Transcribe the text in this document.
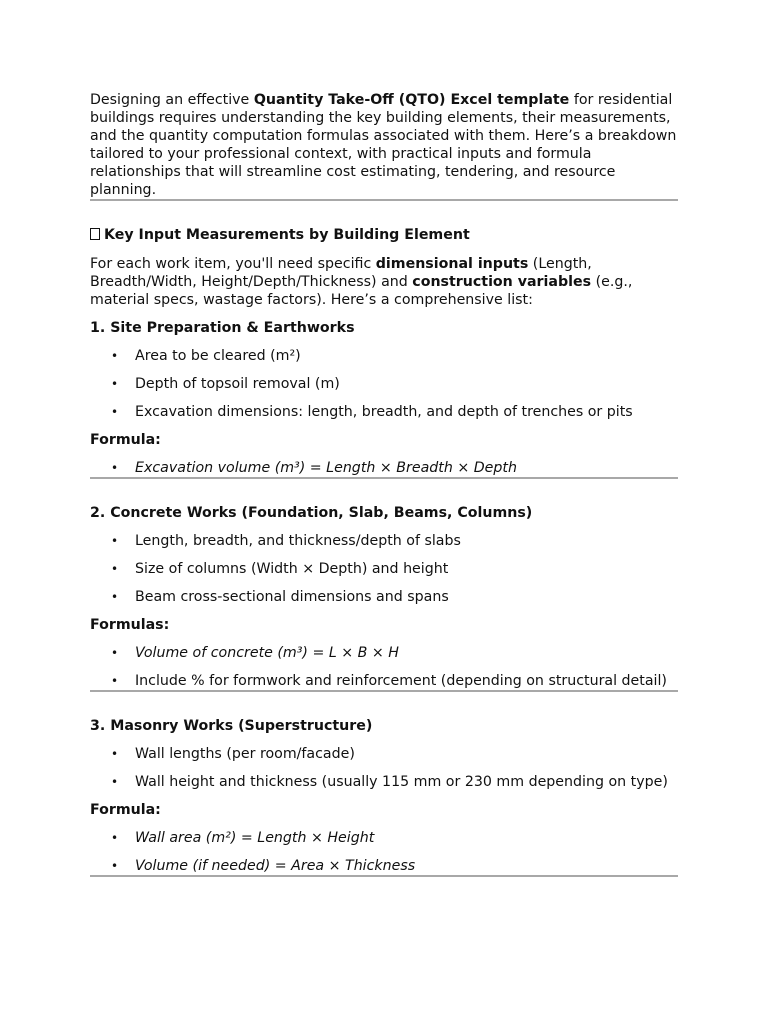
Designing an effective Quantity Take-Off (QTO) Excel template for residential buildings requires understanding the key building elements, their measurements, and the quantity computation formulas associated with them. Here’s a breakdown tailored to your professional context, with practical inputs and formula relationships that will streamline cost estimating, tendering, and resource planning.

Key Input Measurements by Building Element

For each work item, you'll need specific dimensional inputs (Length, Breadth/Width, Height/Depth/Thickness) and construction variables (e.g., material specs, wastage factors). Here’s a comprehensive list:

1. Site Preparation & Earthworks
• Area to be cleared (m²)
• Depth of topsoil removal (m)
• Excavation dimensions: length, breadth, and depth of trenches or pits

Formula:

• Excavation volume (m³) = Length × Breadth × Depth
2. Concrete Works (Foundation, Slab, Beams, Columns)
• Length, breadth, and thickness/depth of slabs
• Size of columns (Width × Depth) and height
• Beam cross-sectional dimensions and spans

Formulas:

• Volume of concrete (m³) = L × B × H
• Include % for formwork and reinforcement (depending on structural detail)
3. Masonry Works (Superstructure)
• Wall lengths (per room/facade)
• Wall height and thickness (usually 115 mm or 230 mm depending on type)

Formula:

• Wall area (m²) = Length × Height
• Volume (if needed) = Area × Thickness
